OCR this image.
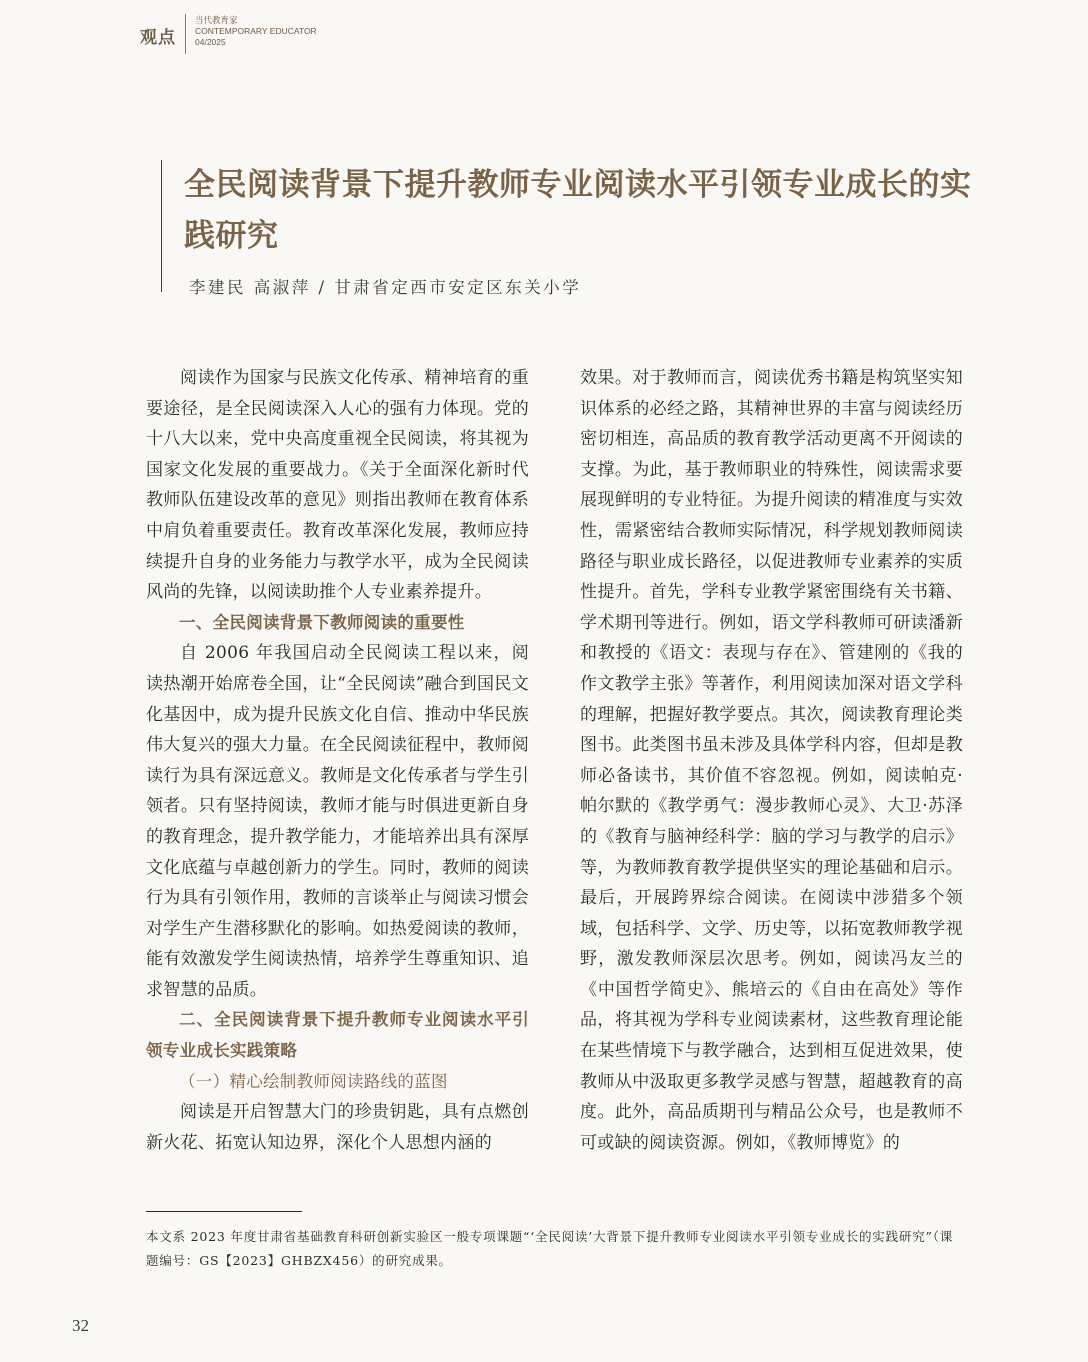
观点
当代教育家
CONTEMPORARY EDUCATOR
04/2025
全民阅读背景下提升教师专业阅读水平引领专业成长的实践研究
李建民 高淑萍 / 甘肃省定西市安定区东关小学

阅读作为国家与民族文化传承、精神培育的重要途径，是全民阅读深入人心的强有力体现。党的十八大以来，党中央高度重视全民阅读，将其视为国家文化发展的重要战力。《关于全面深化新时代教师队伍建设改革的意见》则指出教师在教育体系中肩负着重要责任。教育改革深化发展，教师应持续提升自身的业务能力与教学水平，成为全民阅读风尚的先锋，以阅读助推个人专业素养提升。

一、全民阅读背景下教师阅读的重要性

自 2006 年我国启动全民阅读工程以来，阅读热潮开始席卷全国，让“全民阅读”融合到国民文化基因中，成为提升民族文化自信、推动中华民族伟大复兴的强大力量。在全民阅读征程中，教师阅读行为具有深远意义。教师是文化传承者与学生引领者。只有坚持阅读，教师才能与时俱进更新自身的教育理念，提升教学能力，才能培养出具有深厚文化底蕴与卓越创新力的学生。同时，教师的阅读行为具有引领作用，教师的言谈举止与阅读习惯会对学生产生潜移默化的影响。如热爱阅读的教师，能有效激发学生阅读热情，培养学生尊重知识、追求智慧的品质。

二、全民阅读背景下提升教师专业阅读水平引领专业成长实践策略

（一）精心绘制教师阅读路线的蓝图

阅读是开启智慧大门的珍贵钥匙，具有点燃创新火花、拓宽认知边界，深化个人思想内涵的

效果。对于教师而言，阅读优秀书籍是构筑坚实知识体系的必经之路，其精神世界的丰富与阅读经历密切相连，高品质的教育教学活动更离不开阅读的支撑。为此，基于教师职业的特殊性，阅读需求要展现鲜明的专业特征。为提升阅读的精准度与实效性，需紧密结合教师实际情况，科学规划教师阅读路径与职业成长路径，以促进教师专业素养的实质性提升。首先，学科专业教学紧密围绕有关书籍、学术期刊等进行。例如，语文学科教师可研读潘新和教授的《语文：表现与存在》、管建刚的《我的作文教学主张》等著作，利用阅读加深对语文学科的理解，把握好教学要点。其次，阅读教育理论类图书。此类图书虽未涉及具体学科内容，但却是教师必备读书，其价值不容忽视。例如，阅读帕克·帕尔默的《教学勇气：漫步教师心灵》、大卫·苏泽的《教育与脑神经科学：脑的学习与教学的启示》等，为教师教育教学提供坚实的理论基础和启示。最后，开展跨界综合阅读。在阅读中涉猎多个领域，包括科学、文学、历史等，以拓宽教师教学视野，激发教师深层次思考。例如，阅读冯友兰的《中国哲学简史》、熊培云的《自由在高处》等作品，将其视为学科专业阅读素材，这些教育理论能在某些情境下与教学融合，达到相互促进效果，使教师从中汲取更多教学灵感与智慧，超越教育的高度。此外，高品质期刊与精品公众号，也是教师不可或缺的阅读资源。例如，《教师博览》的

本文系 2023 年度甘肃省基础教育科研创新实验区一般专项课题“‘全民阅读’大背景下提升教师专业阅读水平引领专业成长的实践研究”（课题编号：GS【2023】GHBZX456）的研究成果。
32
